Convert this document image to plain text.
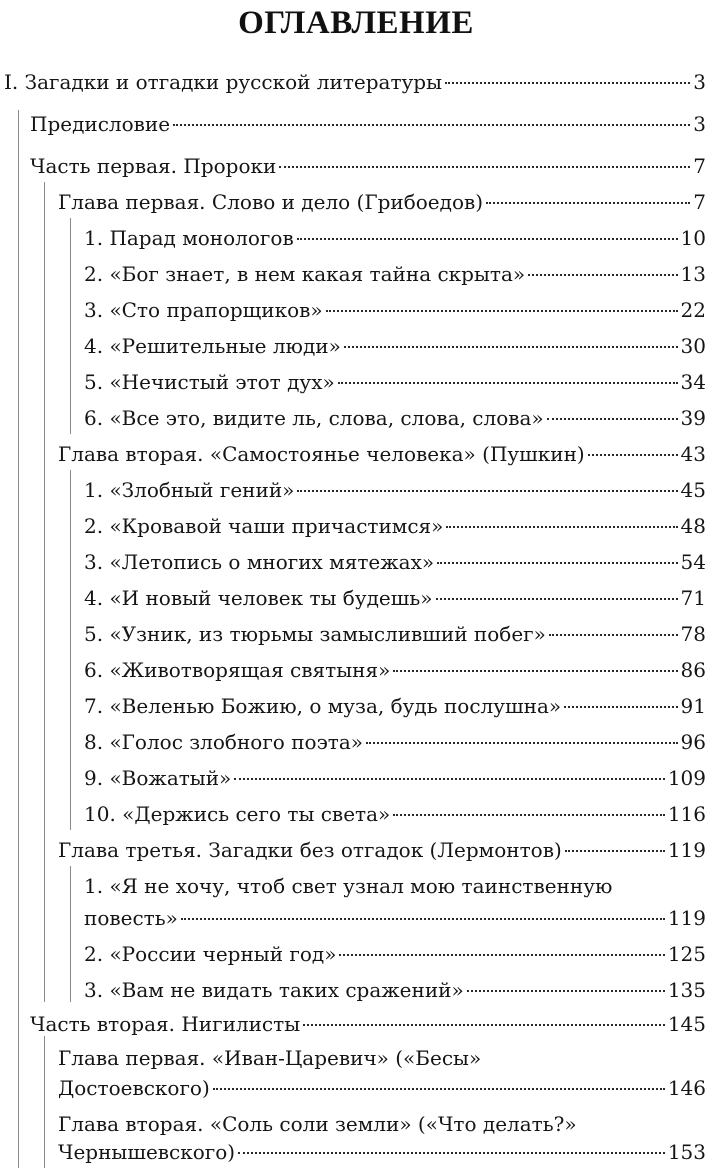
ОГЛАВЛЕНИЕ
I. Загадки и отгадки русской литературы	3
Предисловие	3
Часть первая. Пророки	7
Глава первая. Слово и дело (Грибоедов)	7
1. Парад монологов	10
2. «Бог знает, в нем какая тайна скрыта»	13
3. «Сто прапорщиков»	22
4. «Решительные люди»	30
5. «Нечистый этот дух»	34
6. «Все это, видите ль, слова, слова, слова»	39
Глава вторая. «Самостоянье человека» (Пушкин)	43
1. «Злобный гений»	45
2. «Кровавой чаши причастимся»	48
3. «Летопись о многих мятежах»	54
4. «И новый человек ты будешь»	71
5. «Узник, из тюрьмы замысливший побег»	78
6. «Животворящая святыня»	86
7. «Веленью Божию, о муза, будь послушна»	91
8. «Голос злобного поэта»	96
9. «Вожатый»	109
10. «Держись сего ты света»	116
Глава третья. Загадки без отгадок (Лермонтов)	119
1. «Я не хочу, чтоб свет узнал мою таинственную
повесть»	119
2. «России черный год»	125
3. «Вам не видать таких сражений»	135
Часть вторая. Нигилисты	145
Глава первая. «Иван-Царевич» («Бесы»
Достоевского)	146
Глава вторая. «Соль соли земли» («Что делать?»
Чернышевского)	153
